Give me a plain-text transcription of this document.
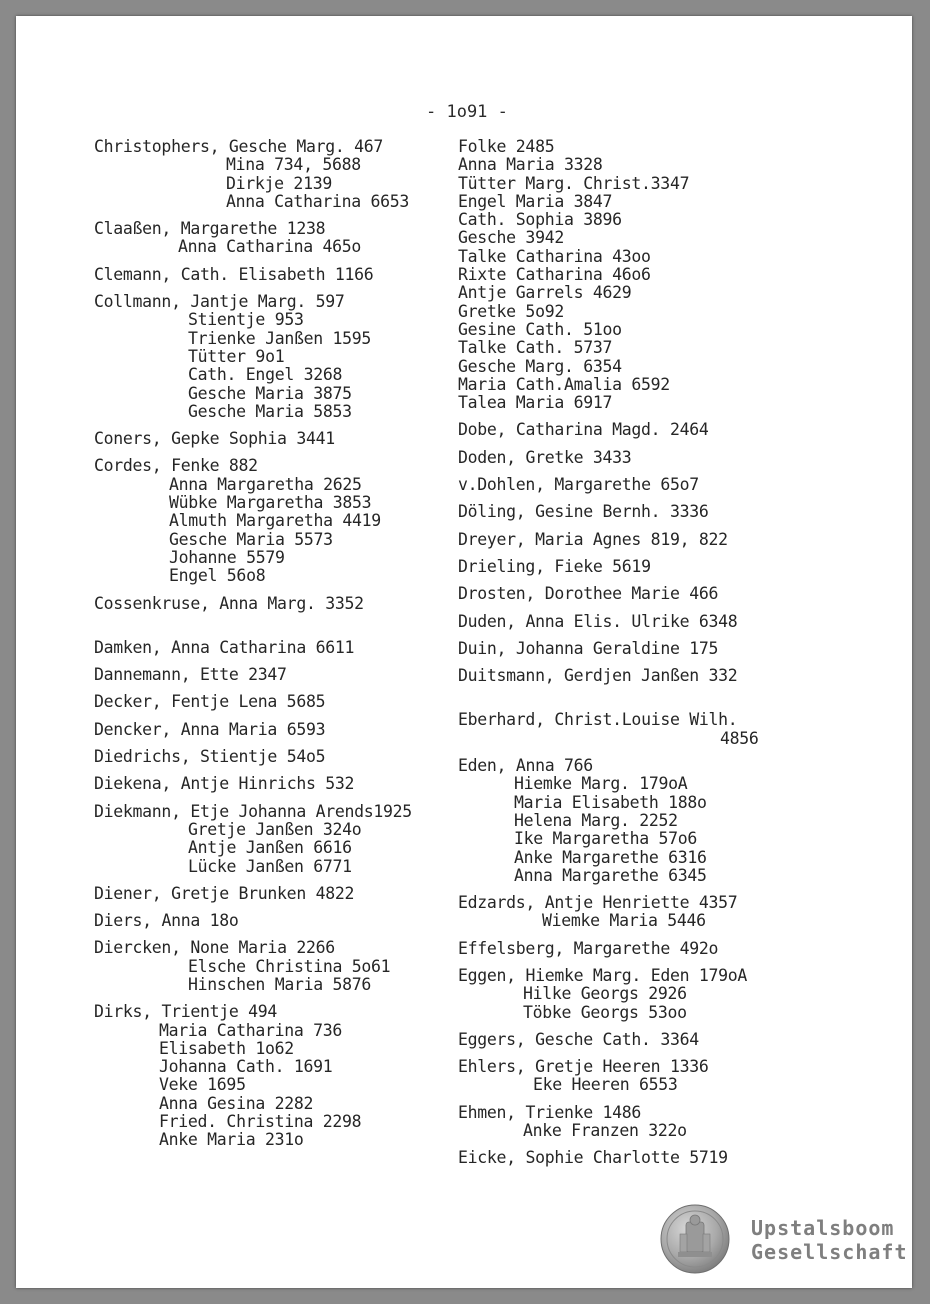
- 1o91 -
Christophers, Gesche Marg. 467
Mina 734, 5688
Dirkje 2139
Anna Catharina 6653
Claaßen, Margarethe 1238
Anna Catharina 465o
Clemann, Cath. Elisabeth 1166
Collmann, Jantje Marg. 597
Stientje 953
Trienke Janßen 1595
Tütter 9o1
Cath. Engel 3268
Gesche Maria 3875
Gesche Maria 5853
Coners, Gepke Sophia 3441
Cordes, Fenke 882
Anna Margaretha 2625
Wübke Margaretha 3853
Almuth Margaretha 4419
Gesche Maria 5573
Johanne 5579
Engel 56o8
Cossenkruse, Anna Marg. 3352
Damken, Anna Catharina 6611
Dannemann, Ette 2347
Decker, Fentje Lena 5685
Dencker, Anna Maria 6593
Diedrichs, Stientje 54o5
Diekena, Antje Hinrichs 532
Diekmann, Etje Johanna Arends1925
Gretje Janßen 324o
Antje Janßen 6616
Lücke Janßen 6771
Diener, Gretje Brunken 4822
Diers, Anna 18o
Diercken, None Maria 2266
Elsche Christina 5o61
Hinschen Maria 5876
Dirks, Trientje 494
Maria Catharina 736
Elisabeth 1o62
Johanna Cath. 1691
Veke 1695
Anna Gesina 2282
Fried. Christina 2298
Anke Maria 231o
Folke 2485
Anna Maria 3328
Tütter Marg. Christ.3347
Engel Maria 3847
Cath. Sophia 3896
Gesche 3942
Talke Catharina 43oo
Rixte Catharina 46o6
Antje Garrels 4629
Gretke 5o92
Gesine Cath. 51oo
Talke Cath. 5737
Gesche Marg. 6354
Maria Cath.Amalia 6592
Talea Maria 6917
Dobe, Catharina Magd. 2464
Doden, Gretke 3433
v.Dohlen, Margarethe 65o7
Döling, Gesine Bernh. 3336
Dreyer, Maria Agnes 819, 822
Drieling, Fieke 5619
Drosten, Dorothee Marie 466
Duden, Anna Elis. Ulrike 6348
Duin, Johanna Geraldine 175
Duitsmann, Gerdjen Janßen 332
Eberhard, Christ.Louise Wilh.
4856
Eden, Anna 766
Hiemke Marg. 179oA
Maria Elisabeth 188o
Helena Marg. 2252
Ike Margaretha 57o6
Anke Margarethe 6316
Anna Margarethe 6345
Edzards, Antje Henriette 4357
Wiemke Maria 5446
Effelsberg, Margarethe 492o
Eggen, Hiemke Marg. Eden 179oA
Hilke Georgs 2926
Töbke Georgs 53oo
Eggers, Gesche Cath. 3364
Ehlers, Gretje Heeren 1336
Eke Heeren 6553
Ehmen, Trienke 1486
Anke Franzen 322o
Eicke, Sophie Charlotte 5719
Upstalsboom
Gesellschaft
